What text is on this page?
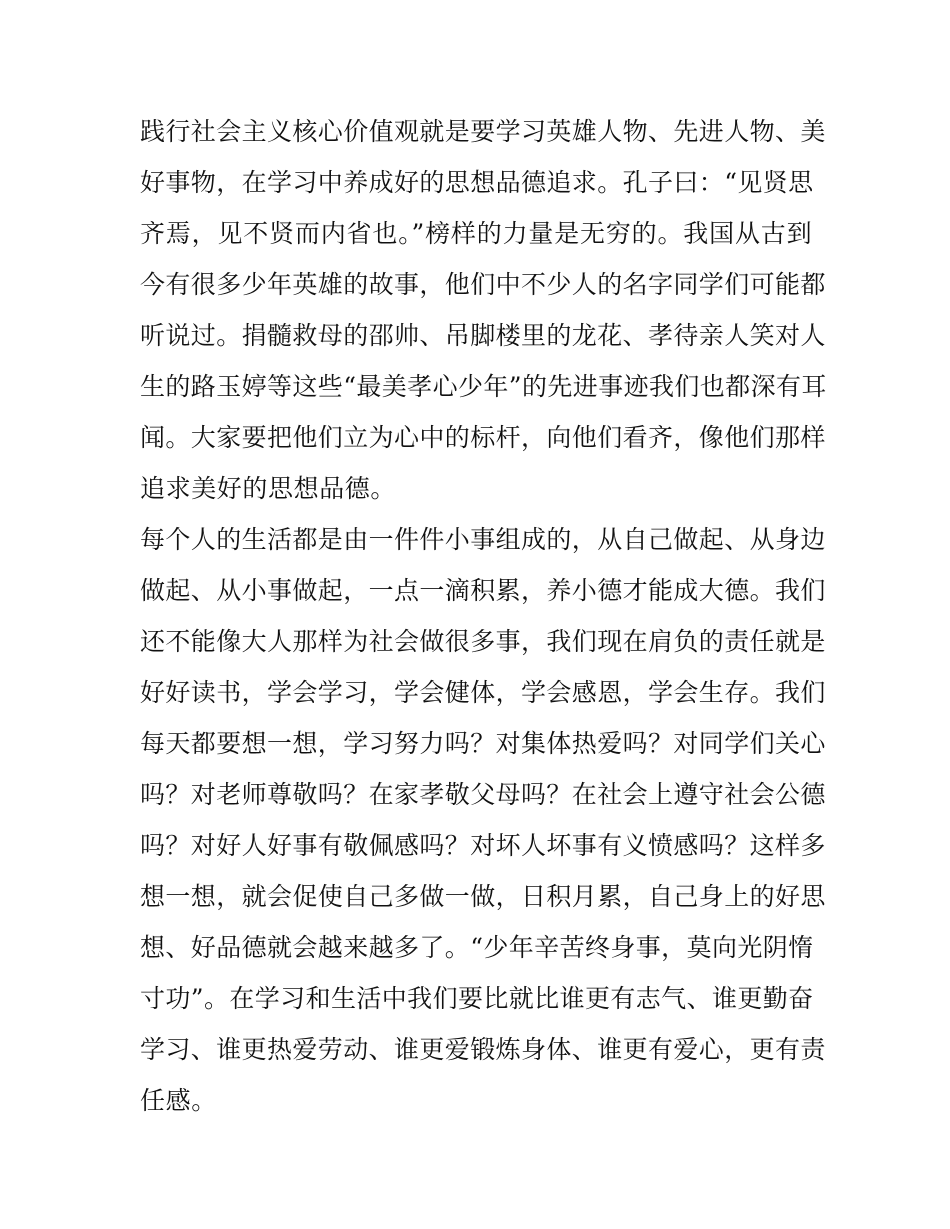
践行社会主义核心价值观就是要学习英雄人物、先进人物、美
好事物，在学习中养成好的思想品德追求。孔子曰：“见贤思
齐焉，见不贤而内省也。”榜样的力量是无穷的。我国从古到
今有很多少年英雄的故事，他们中不少人的名字同学们可能都
听说过。捐髓救母的邵帅、吊脚楼里的龙花、孝待亲人笑对人
生的路玉婷等这些“最美孝心少年”的先进事迹我们也都深有耳
闻。大家要把他们立为心中的标杆，向他们看齐，像他们那样
追求美好的思想品德。
每个人的生活都是由一件件小事组成的，从自己做起、从身边
做起、从小事做起，一点一滴积累，养小德才能成大德。我们
还不能像大人那样为社会做很多事，我们现在肩负的责任就是
好好读书，学会学习，学会健体，学会感恩，学会生存。我们
每天都要想一想，学习努力吗？对集体热爱吗？对同学们关心
吗？对老师尊敬吗？在家孝敬父母吗？在社会上遵守社会公德
吗？对好人好事有敬佩感吗？对坏人坏事有义愤感吗？这样多
想一想，就会促使自己多做一做，日积月累，自己身上的好思
想、好品德就会越来越多了。“少年辛苦终身事，莫向光阴惰
寸功”。在学习和生活中我们要比就比谁更有志气、谁更勤奋
学习、谁更热爱劳动、谁更爱锻炼身体、谁更有爱心，更有责
任感。
